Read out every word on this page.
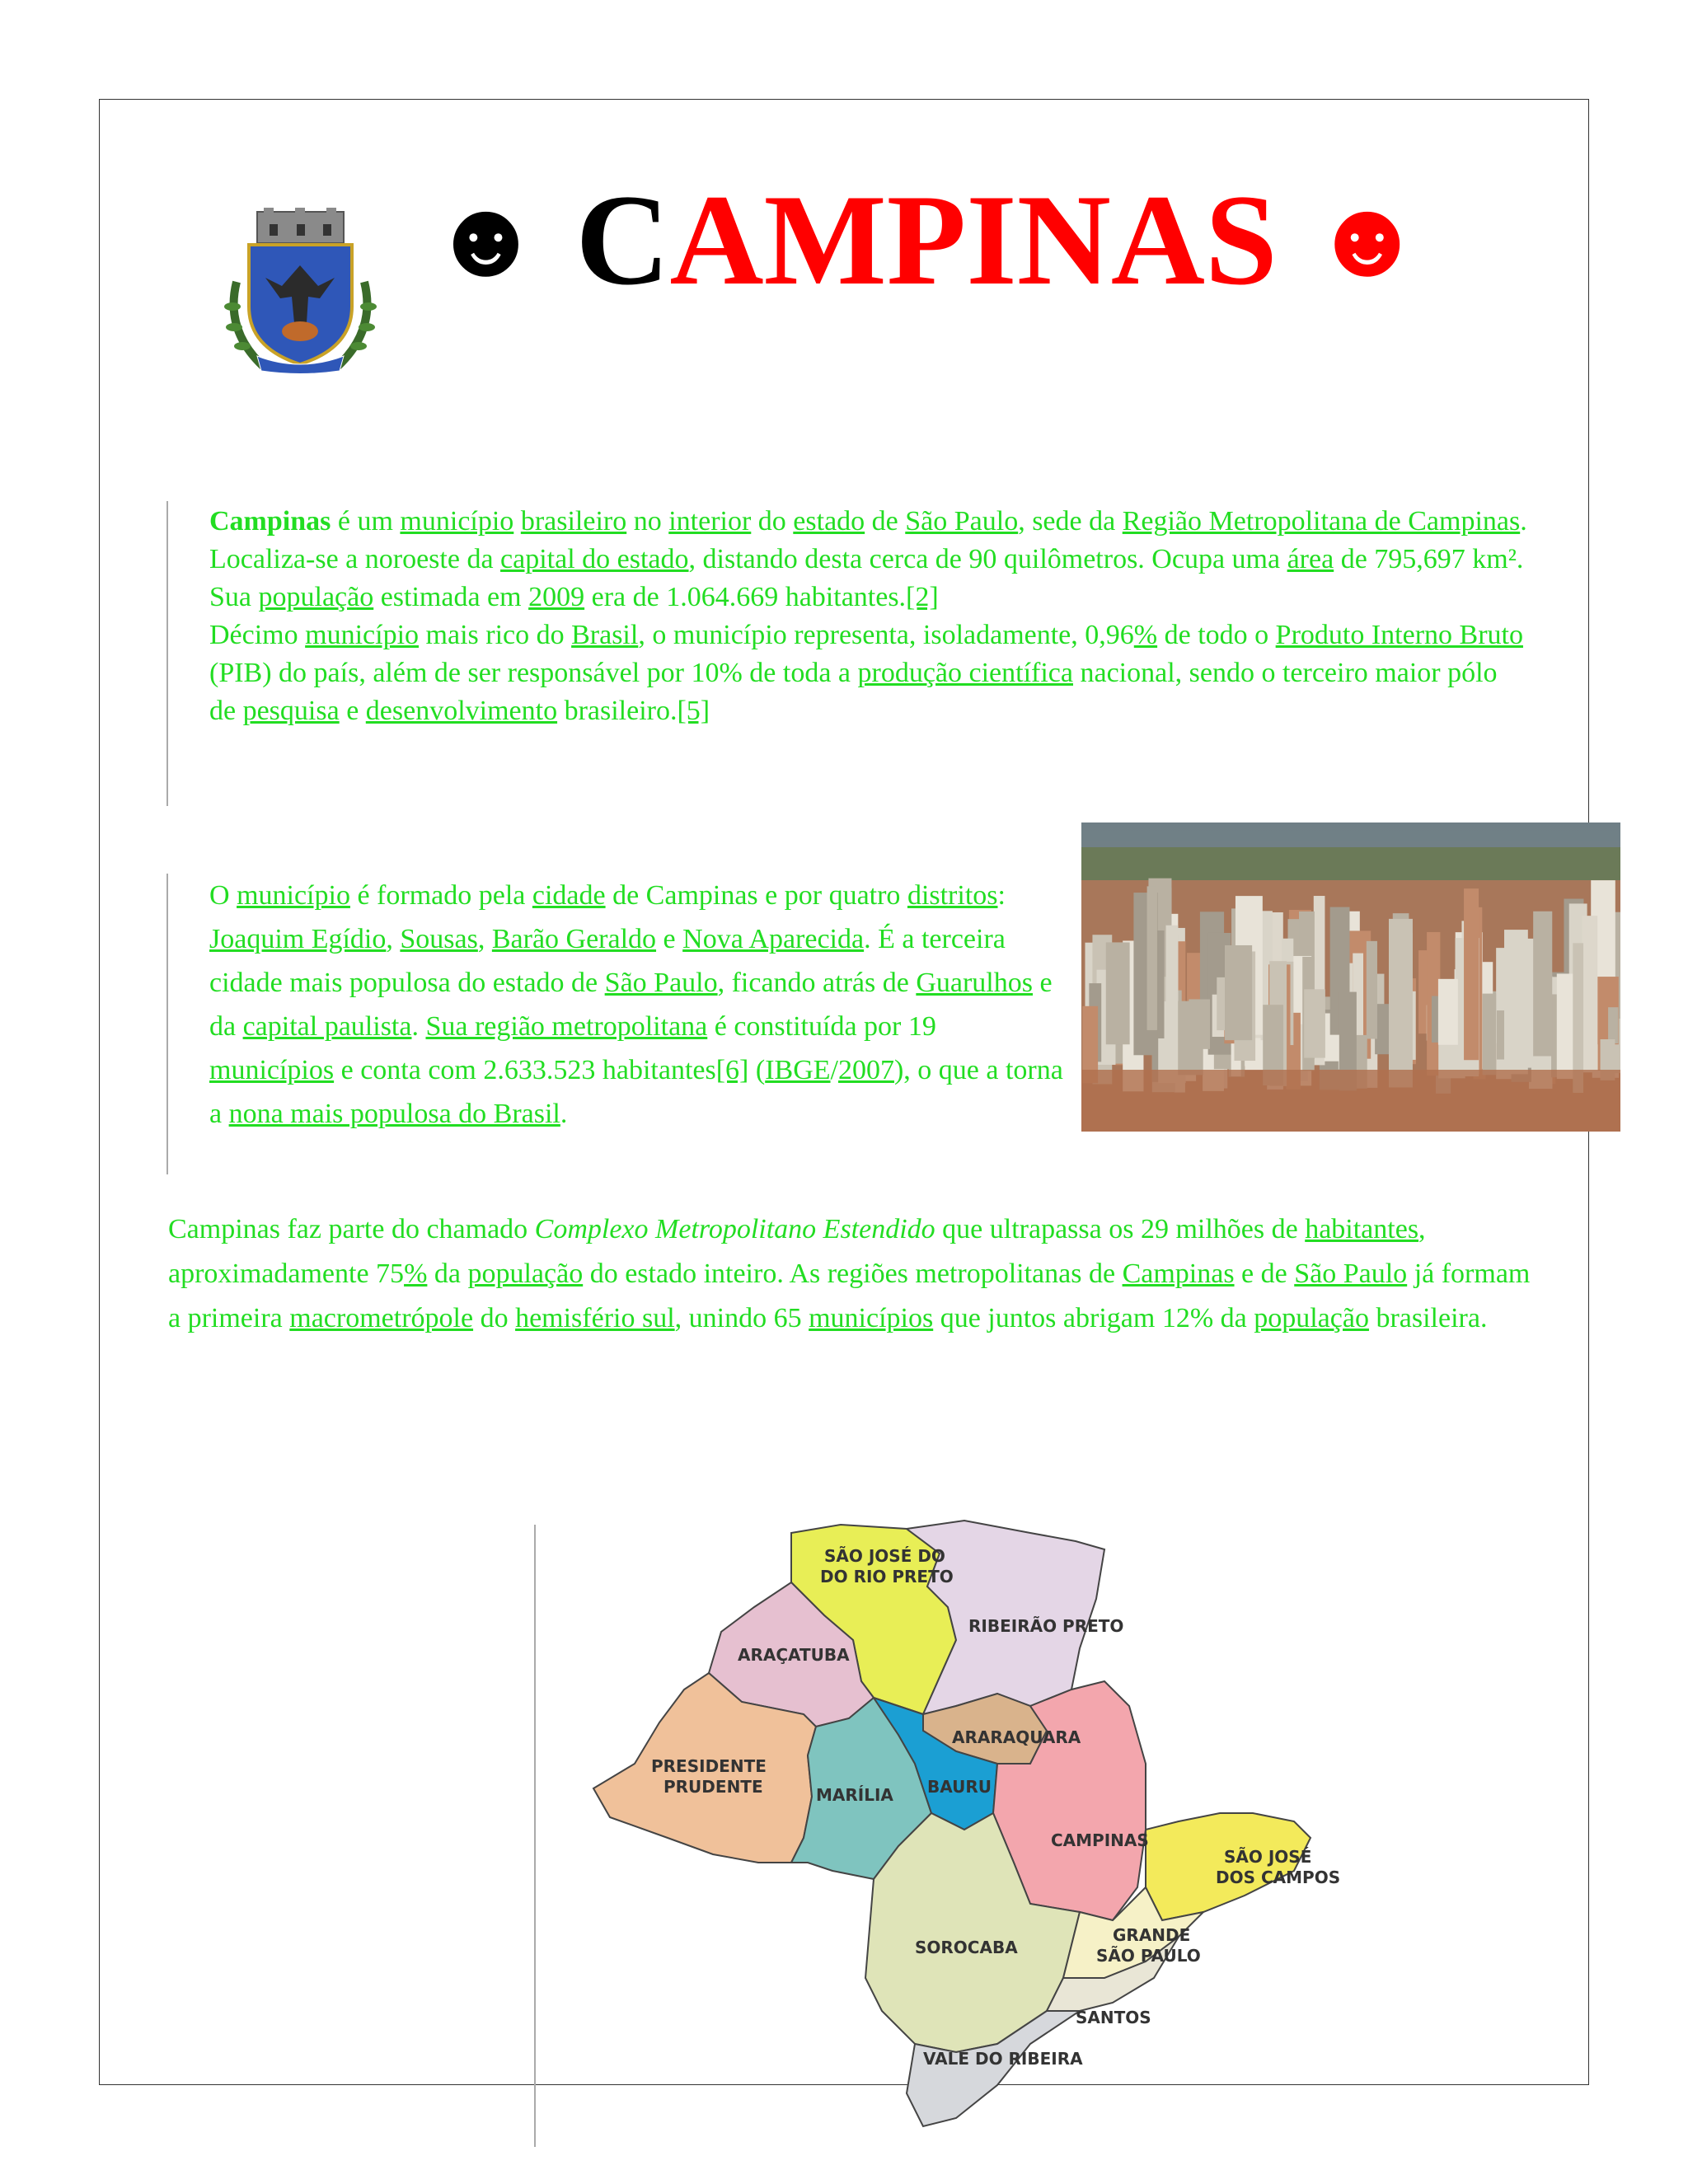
☻ CAMPINAS ☻
Campinas é um município brasileiro no interior do estado de São Paulo, sede da Região Metropolitana de Campinas. Localiza-se a noroeste da capital do estado, distando desta cerca de 90 quilômetros. Ocupa uma área de 795,697 km². Sua população estimada em 2009 era de 1.064.669 habitantes.[2]
Décimo município mais rico do Brasil, o município representa, isoladamente, 0,96% de todo o Produto Interno Bruto (PIB) do país, além de ser responsável por 10% de toda a produção científica nacional, sendo o terceiro maior pólo de pesquisa e desenvolvimento brasileiro.[5]
O município é formado pela cidade de Campinas e por quatro distritos: Joaquim Egídio, Sousas, Barão Geraldo e Nova Aparecida. É a terceira cidade mais populosa do estado de São Paulo, ficando atrás de Guarulhos e da capital paulista. Sua região metropolitana é constituída por 19 municípios e conta com 2.633.523 habitantes[6] (IBGE/2007), o que a torna a nona mais populosa do Brasil.
Campinas faz parte do chamado Complexo Metropolitano Estendido que ultrapassa os 29 milhões de habitantes, aproximadamente 75% da população do estado inteiro. As regiões metropolitanas de Campinas e de São Paulo já formam a primeira macrometrópole do hemisfério sul, unindo 65 municípios que juntos abrigam 12% da população brasileira.
SÃO JOSÉ DO
DO RIO PRETO
RIBEIRÃO PRETO
ARAÇATUBA
ARARAQUARA
PRESIDENTE
PRUDENTE	MARÍLIA BAURU
CAMPINAS
SÃO JOSÉ
DOS CAMPOS
SOROCABA
GRANDE
SÃO PAULO
SANTOS
VALE DO RIBEIRA
